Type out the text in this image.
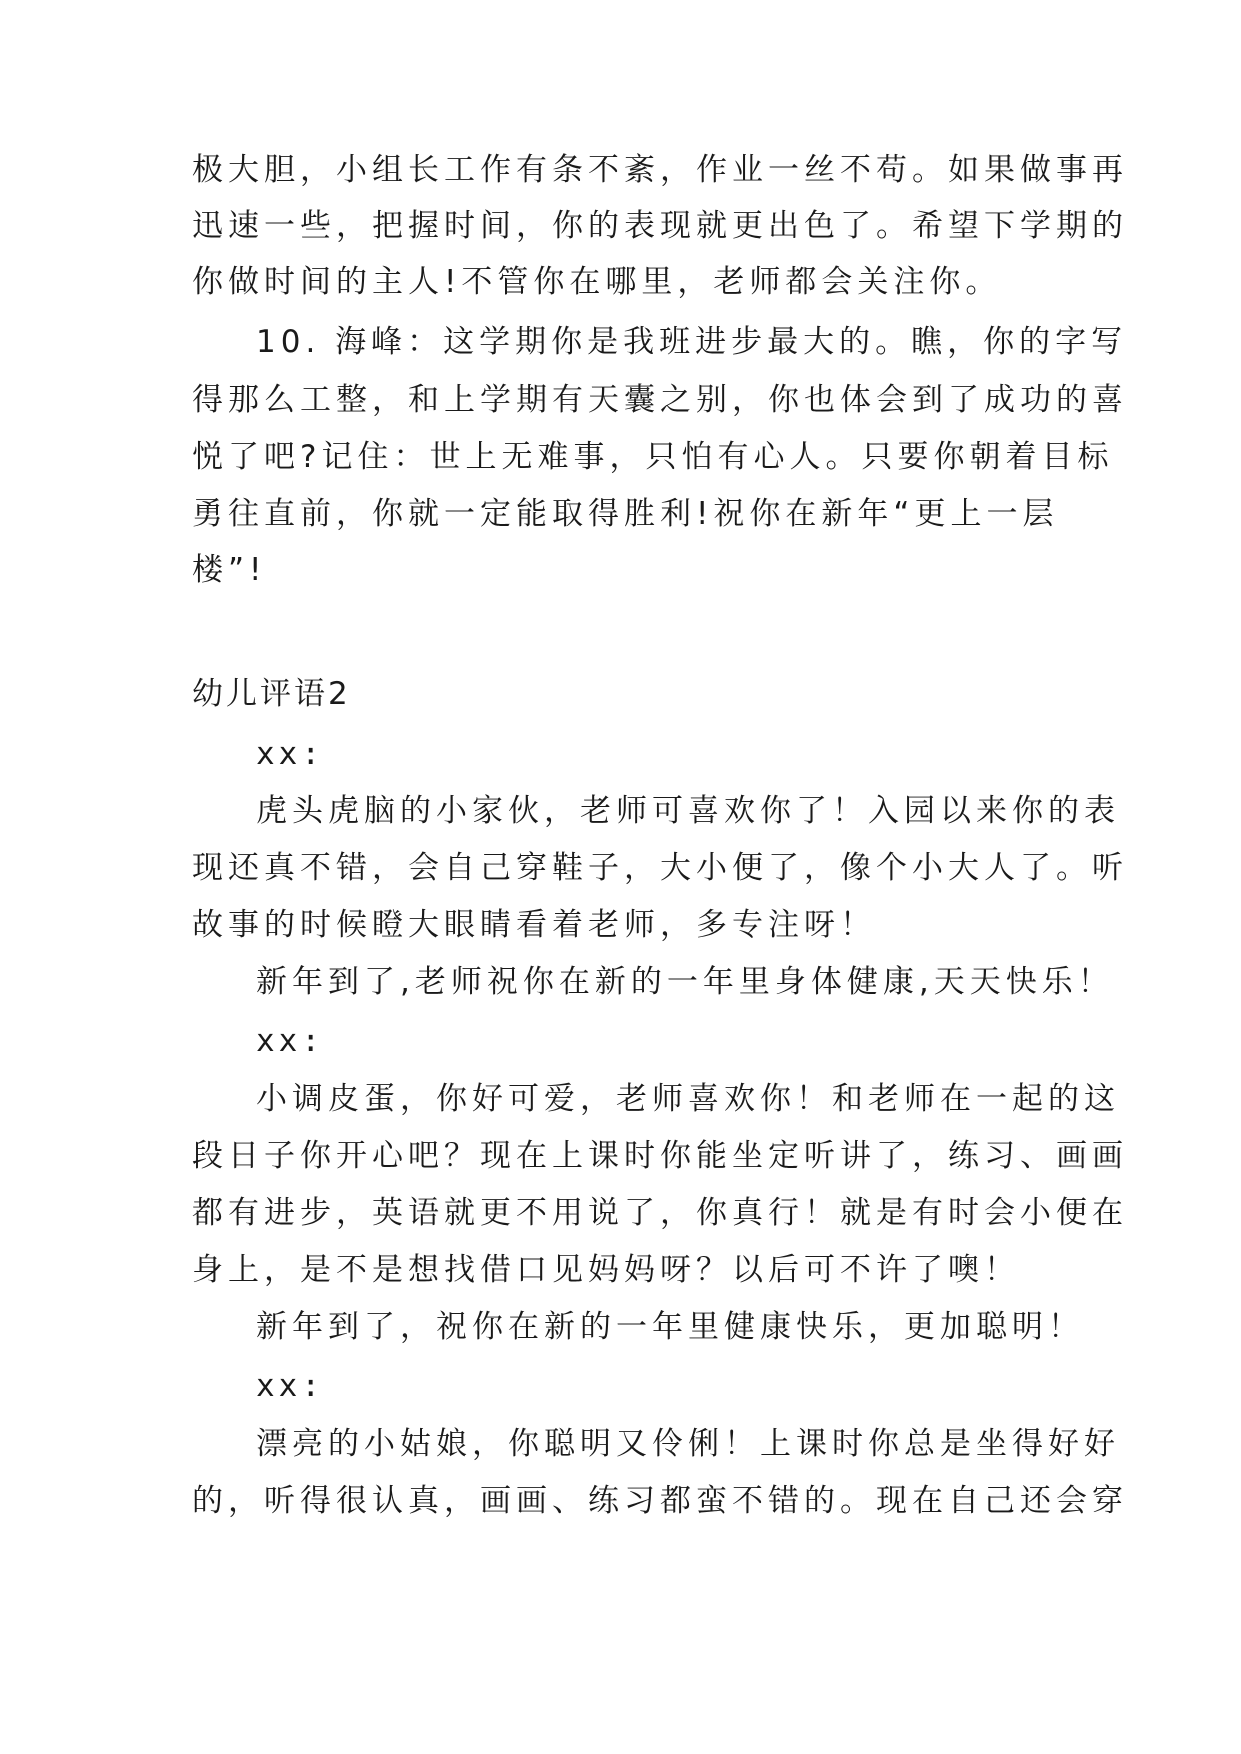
极大胆，小组长工作有条不紊，作业一丝不苟。如果做事再
迅速一些，把握时间，你的表现就更出色了。希望下学期的
你做时间的主人!不管你在哪里，老师都会关注你。
10. 海峰：这学期你是我班进步最大的。瞧，你的字写
得那么工整，和上学期有天囊之别，你也体会到了成功的喜
悦了吧?记住：世上无难事，只怕有心人。只要你朝着目标
勇往直前，你就一定能取得胜利!祝你在新年“更上一层
楼”!
幼儿评语2
xx:
虎头虎脑的小家伙，老师可喜欢你了！入园以来你的表
现还真不错，会自己穿鞋子，大小便了，像个小大人了。听
故事的时候瞪大眼睛看着老师，多专注呀！
新年到了,老师祝你在新的一年里身体健康,天天快乐！
xx:
小调皮蛋，你好可爱，老师喜欢你！和老师在一起的这
段日子你开心吧？现在上课时你能坐定听讲了，练习、画画
都有进步，英语就更不用说了，你真行！就是有时会小便在
身上，是不是想找借口见妈妈呀？以后可不许了噢！
新年到了，祝你在新的一年里健康快乐，更加聪明！
xx:
漂亮的小姑娘，你聪明又伶俐！上课时你总是坐得好好
的，听得很认真，画画、练习都蛮不错的。现在自己还会穿
